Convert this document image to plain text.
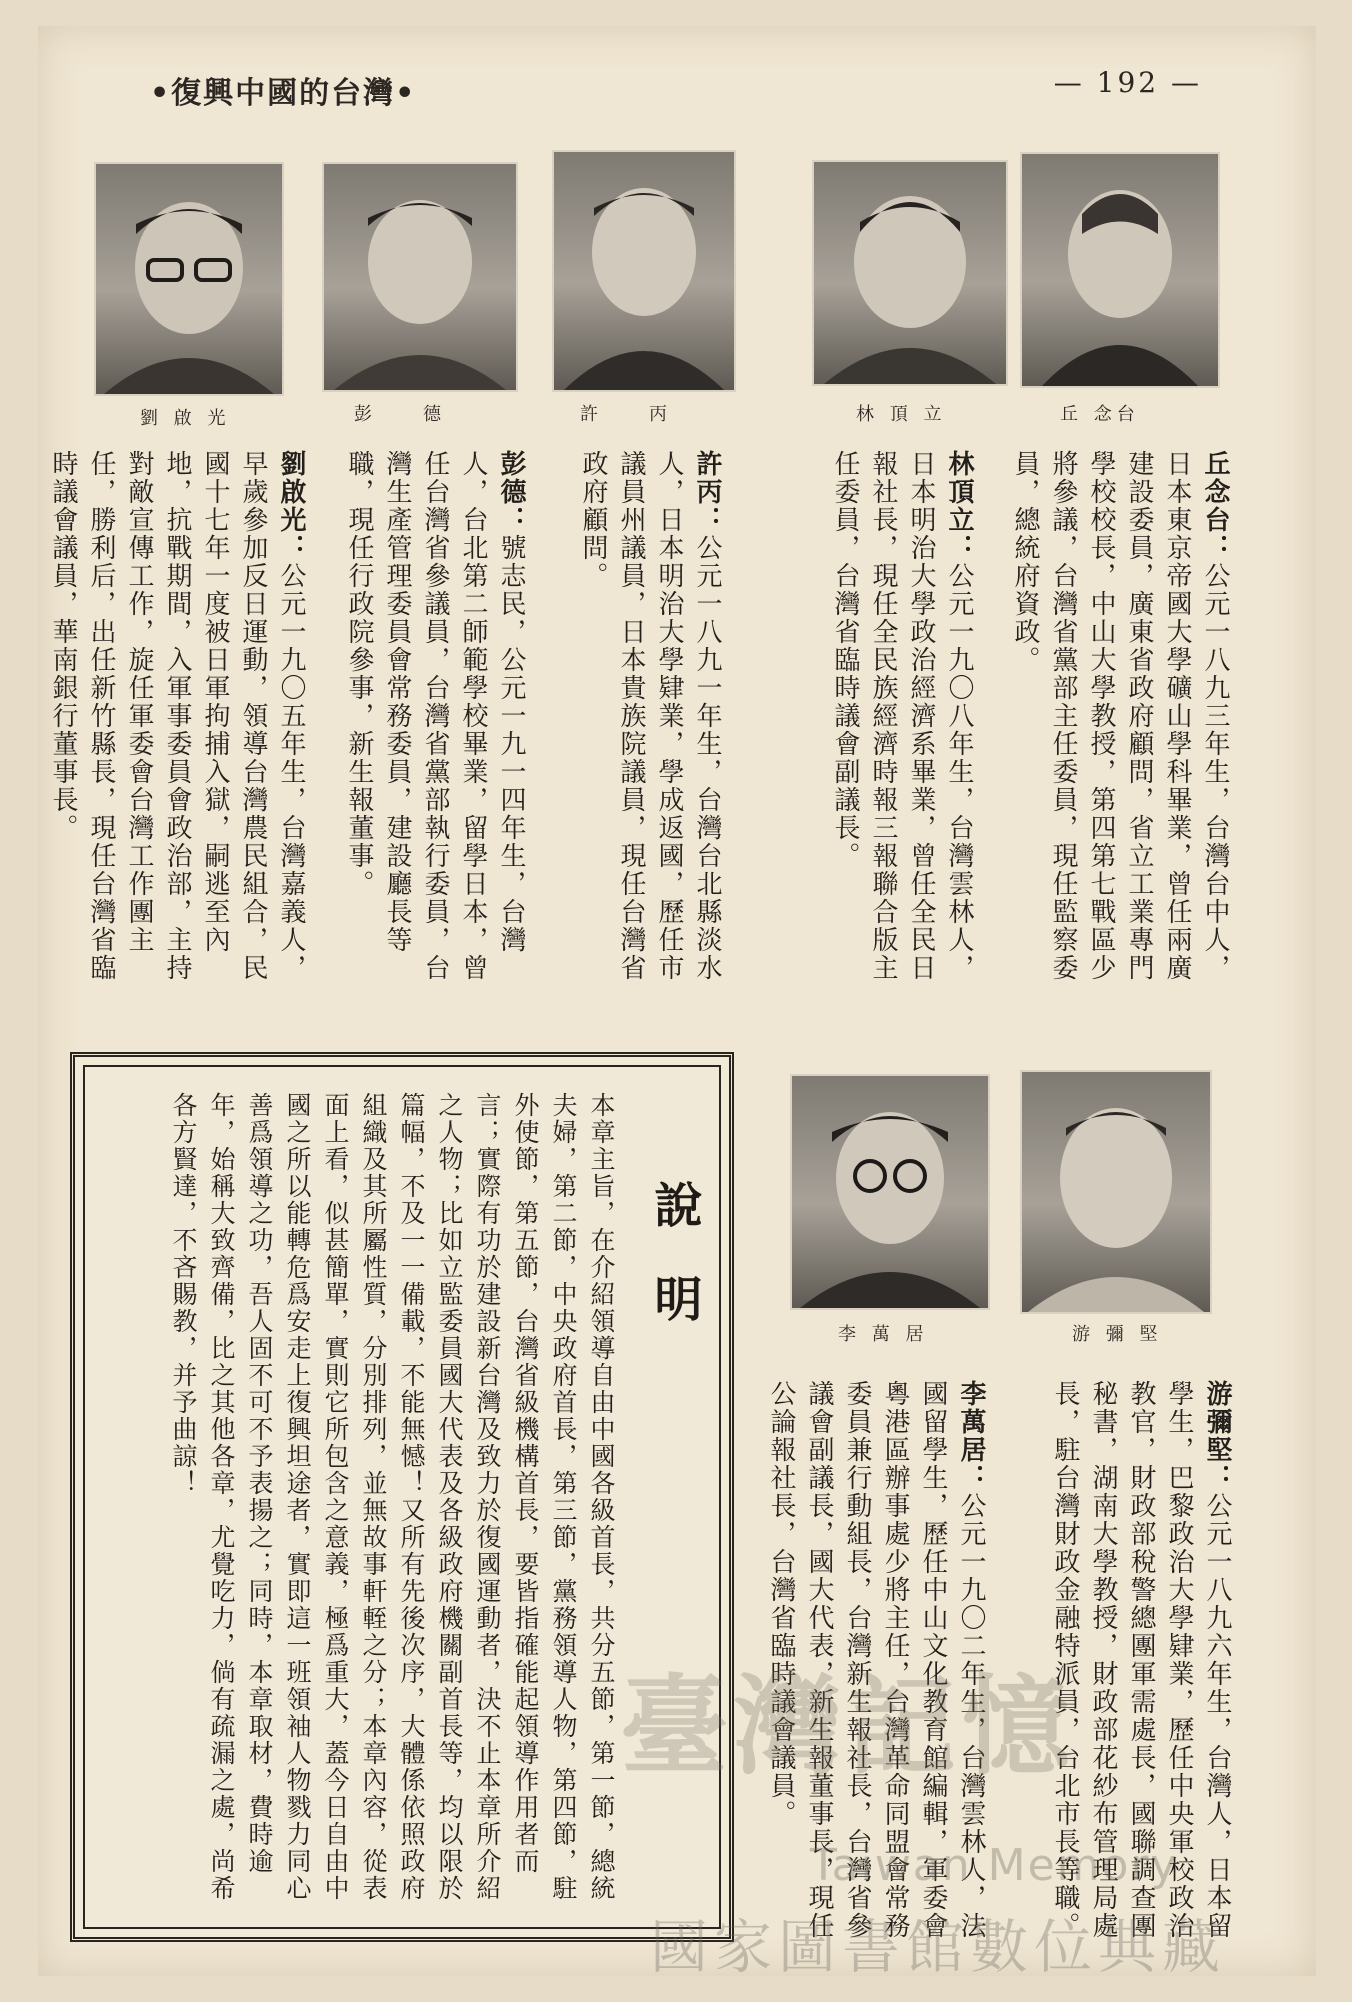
•復興中國的台灣•	— 192 —
丘 念台
林 頂 立
許　　丙
彭　　德
劉 啟 光
丘念台：公元一八九三年生，台灣台中人，日本東京帝國大學礦山學科畢業，曾任兩廣建設委員，廣東省政府顧問，省立工業專門學校校長，中山大學教授，第四第七戰區少將參議，台灣省黨部主任委員，現任監察委員，總統府資政。
林頂立：公元一九〇八年生，台灣雲林人，日本明治大學政治經濟系畢業，曾任全民日報社長，現任全民族經濟時報三報聯合版主任委員，台灣省臨時議會副議長。
許丙：公元一八九一年生，台灣台北縣淡水人，日本明治大學肄業，學成返國，歷任市議員州議員，日本貴族院議員，現任台灣省政府顧問。
彭德：號志民，公元一九一四年生，台灣人，台北第二師範學校畢業，留學日本，曾任台灣省參議員，台灣省黨部執行委員，台灣生產管理委員會常務委員，建設廳長等職，現任行政院參事，新生報董事。
劉啟光：公元一九〇五年生，台灣嘉義人，早歲參加反日運動，領導台灣農民組合，民國十七年一度被日軍拘捕入獄，嗣逃至內地，抗戰期間，入軍事委員會政治部，主持對敵宣傳工作，旋任軍委會台灣工作團主任，勝利后，出任新竹縣長，現任台灣省臨時議會議員，華南銀行董事長。
游 彌 堅
李 萬 居
游彌堅：公元一八九六年生，台灣人，日本留學生，巴黎政治大學肄業，歷任中央軍校政治教官，財政部稅警總團軍需處長，國聯調查團秘書，湖南大學教授，財政部花紗布管理局處長，駐台灣財政金融特派員，台北市長等職。
李萬居：公元一九〇二年生，台灣雲林人，法國留學生，歷任中山文化教育館編輯，軍委會粵港區辦事處少將主任，台灣革命同盟會常務委員兼行動組長，台灣新生報社長，台灣省參議會副議長，國大代表，新生報董事長，現任公論報社長，台灣省臨時議會議員。
說明
本章主旨，在介紹領導自由中國各級首長，共分五節，第一節，總統夫婦，第二節，中央政府首長，第三節，黨務領導人物，第四節，駐外使節，第五節，台灣省級機構首長，要皆指確能起領導作用者而言；實際有功於建設新台灣及致力於復國運動者，決不止本章所介紹之人物；比如立監委員國大代表及各級政府機關副首長等，均以限於篇幅，不及一一備載，不能無憾！又所有先後次序，大體係依照政府組織及其所屬性質，分別排列，並無故事軒輊之分；本章內容，從表面上看，似甚簡單，實則它所包含之意義，極爲重大，蓋今日自由中國之所以能轉危爲安走上復興坦途者，實即這一班領袖人物戮力同心善爲領導之功，吾人固不可不予表揚之；同時，本章取材，費時逾年，始稱大致齊備，比之其他各章，尤覺吃力，倘有疏漏之處，尚希各方賢達，不吝賜教，并予曲諒！
臺灣記憶
Taiwan Memory
國家圖書館數位典藏
